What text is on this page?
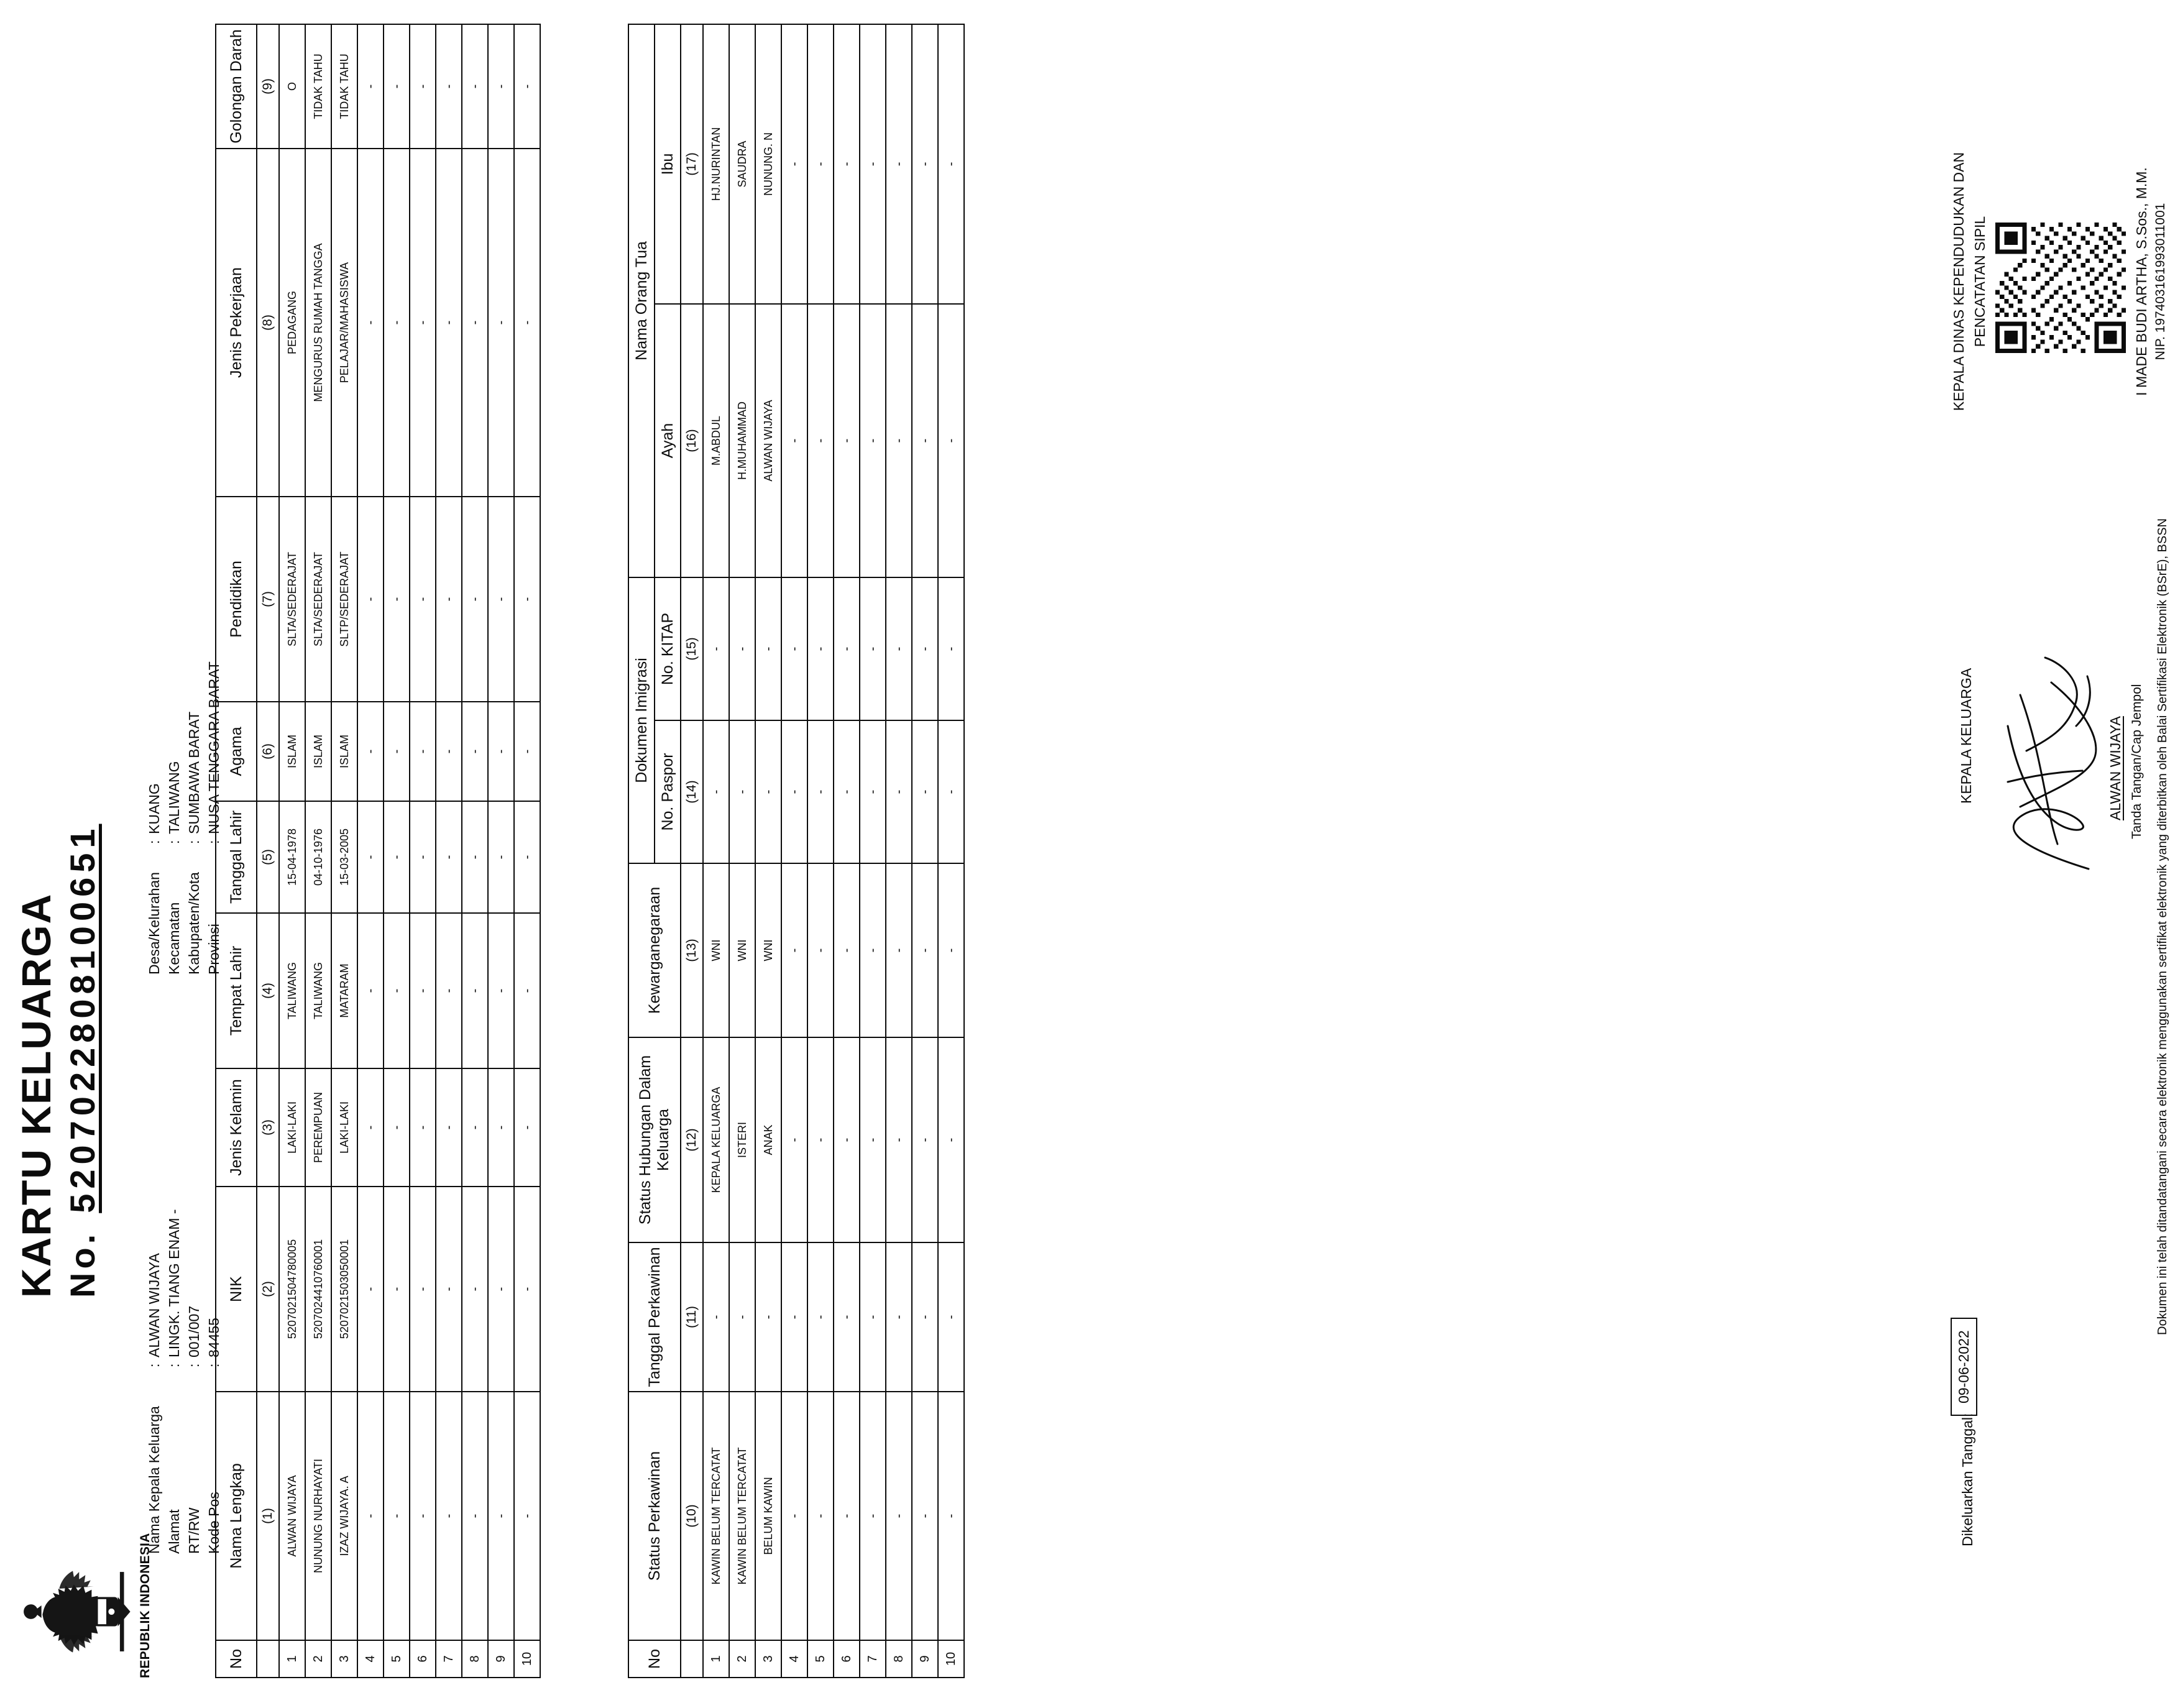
REPUBLIK INDONESIA
KARTU KELUARGA No.5207022808100651
Nama Kepala Keluarga
:
ALWAN WIJAYA
Alamat
:
LINGK. TIANG ENAM -
RT/RW
:
001/007
Kode Pos
:
84455
Desa/Kelurahan
:
KUANG
Kecamatan
:
TALIWANG
Kabupaten/Kota
:
SUMBAWA BARAT
Provinsi
:
NUSA TENGGARA BARAT
No	Nama Lengkap	NIK	Jenis Kelamin	Tempat Lahir	Tanggal Lahir	Agama	Pendidikan	Jenis Pekerjaan	Golongan Darah
	(1)	(2)	(3)	(4)	(5)	(6)	(7)	(8)	(9)
1	ALWAN WIJAYA	5207021504780005	LAKI-LAKI	TALIWANG	15-04-1978	ISLAM	SLTA/SEDERAJAT	PEDAGANG	O
2	NUNUNG NURHAYATI	5207024410760001	PEREMPUAN	TALIWANG	04-10-1976	ISLAM	SLTA/SEDERAJAT	MENGURUS RUMAH TANGGA	TIDAK TAHU
3	IZAZ WIJAYA. A	5207021503050001	LAKI-LAKI	MATARAM	15-03-2005	ISLAM	SLTP/SEDERAJAT	PELAJAR/MAHASISWA	TIDAK TAHU
4	-	-	-	-	-	-	-	-	-
5	-	-	-	-	-	-	-	-	-
6	-	-	-	-	-	-	-	-	-
7	-	-	-	-	-	-	-	-	-
8	-	-	-	-	-	-	-	-	-
9	-	-	-	-	-	-	-	-	-
10	-	-	-	-	-	-	-	-	-
No	Status Perkawinan	Tanggal Perkawinan	Status Hubungan Dalam Keluarga	Kewarganegaraan	Dokumen Imigrasi		Nama Orang Tua	
					No. Paspor	No. KITAP	Ayah	Ibu
	(10)	(11)	(12)	(13)	(14)	(15)	(16)	(17)
1	KAWIN BELUM TERCATAT	-	KEPALA KELUARGA	WNI	-	-	M.ABDUL	HJ.NURINTAN
2	KAWIN BELUM TERCATAT	-	ISTERI	WNI	-	-	H.MUHAMMAD	SAUDRA
3	BELUM KAWIN	-	ANAK	WNI	-	-	ALWAN WIJAYA	NUNUNG. N
4	-	-	-	-	-	-	-	-
5	-	-	-	-	-	-	-	-
6	-	-	-	-	-	-	-	-
7	-	-	-	-	-	-	-	-
8	-	-	-	-	-	-	-	-
9	-	-	-	-	-	-	-	-
10	-	-	-	-	-	-	-	-
Dikeluarkan Tanggal:
09-06-2022
KEPALA KELUARGA	ALWAN WIJAYA Tanda Tangan/Cap Jempol
KEPALA DINAS KEPENDUDUKAN DAN PENCATATAN SIPIL	I MADE BUDI ARTHA, S.Sos., M.M. NIP. 197403161993011001
Dokumen ini telah ditandatangani secara elektronik menggunakan sertifikat elektronik yang diterbitkan oleh Balai Sertifikasi Elektronik (BSrE), BSSN
